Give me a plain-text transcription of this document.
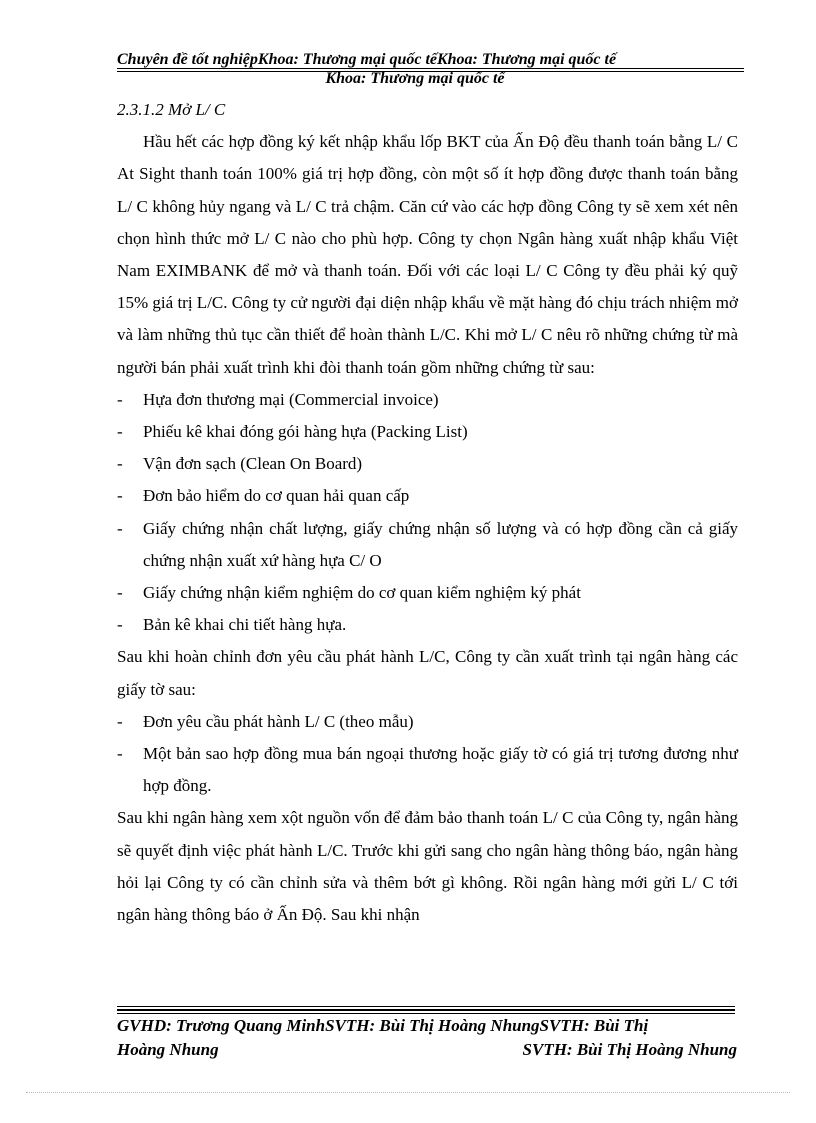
Chuyên đề tốt nghiệpKhoa: Thương mại quốc tếKhoa: Thương mại quốc tế
Khoa: Thương mại quốc tế
2.3.1.2 Mở L/ C

Hầu hết các hợp đồng ký kết nhập khẩu lốp BKT của Ấn Độ đều thanh toán bằng L/ C At Sight thanh toán 100% giá trị hợp đồng, còn một số ít hợp đồng được thanh toán bằng L/ C không hủy ngang và L/ C trả chậm. Căn cứ vào các hợp đồng Công ty sẽ xem xét nên chọn hình thức mở L/ C nào cho phù hợp. Công ty chọn Ngân hàng xuất nhập khẩu Việt Nam EXIMBANK để mở và thanh toán. Đối với các loại L/ C Công ty đều phải ký quỹ 15% giá trị L/C. Công ty cử người đại diện nhập khẩu về mặt hàng đó chịu trách nhiệm mở và làm những thủ tục cần thiết để hoàn thành L/C. Khi mở L/ C nêu rõ những chứng từ mà người bán phải xuất trình khi đòi thanh toán gồm những chứng từ sau:

- Hựa đơn thương mại (Commercial invoice)
- Phiếu kê khai đóng gói hàng hựa (Packing List)
- Vận đơn sạch (Clean On Board)
- Đơn bảo hiểm do cơ quan hải quan cấp
- Giấy chứng nhận chất lượng, giấy chứng nhận số lượng và có hợp đồng cần cả giấy chứng nhận xuất xứ hàng hựa C/ O
- Giấy chứng nhận kiểm nghiệm do cơ quan kiểm nghiệm ký phát
- Bản kê khai chi tiết hàng hựa.

Sau khi hoàn chỉnh đơn yêu cầu phát hành L/C, Công ty cần xuất trình tại ngân hàng các giấy tờ sau:

- Đơn yêu cầu phát hành L/ C (theo mẫu)
- Một bản sao hợp đồng mua bán ngoại thương hoặc giấy tờ có giá trị tương đương như hợp đồng.

Sau khi ngân hàng xem xột nguồn vốn để đảm bảo thanh toán L/ C của Công ty, ngân hàng sẽ quyết định việc phát hành L/C. Trước khi gửi sang cho ngân hàng thông báo, ngân hàng hỏi lại Công ty có cần chỉnh sửa và thêm bớt gì không. Rồi ngân hàng mới gửi L/ C tới ngân hàng thông báo ở Ấn Độ. Sau khi nhận

GVHD: Trương Quang MinhSVTH: Bùi Thị Hoàng NhungSVTH: Bùi Thị
Hoàng Nhung	SVTH: Bùi Thị Hoàng Nhung
